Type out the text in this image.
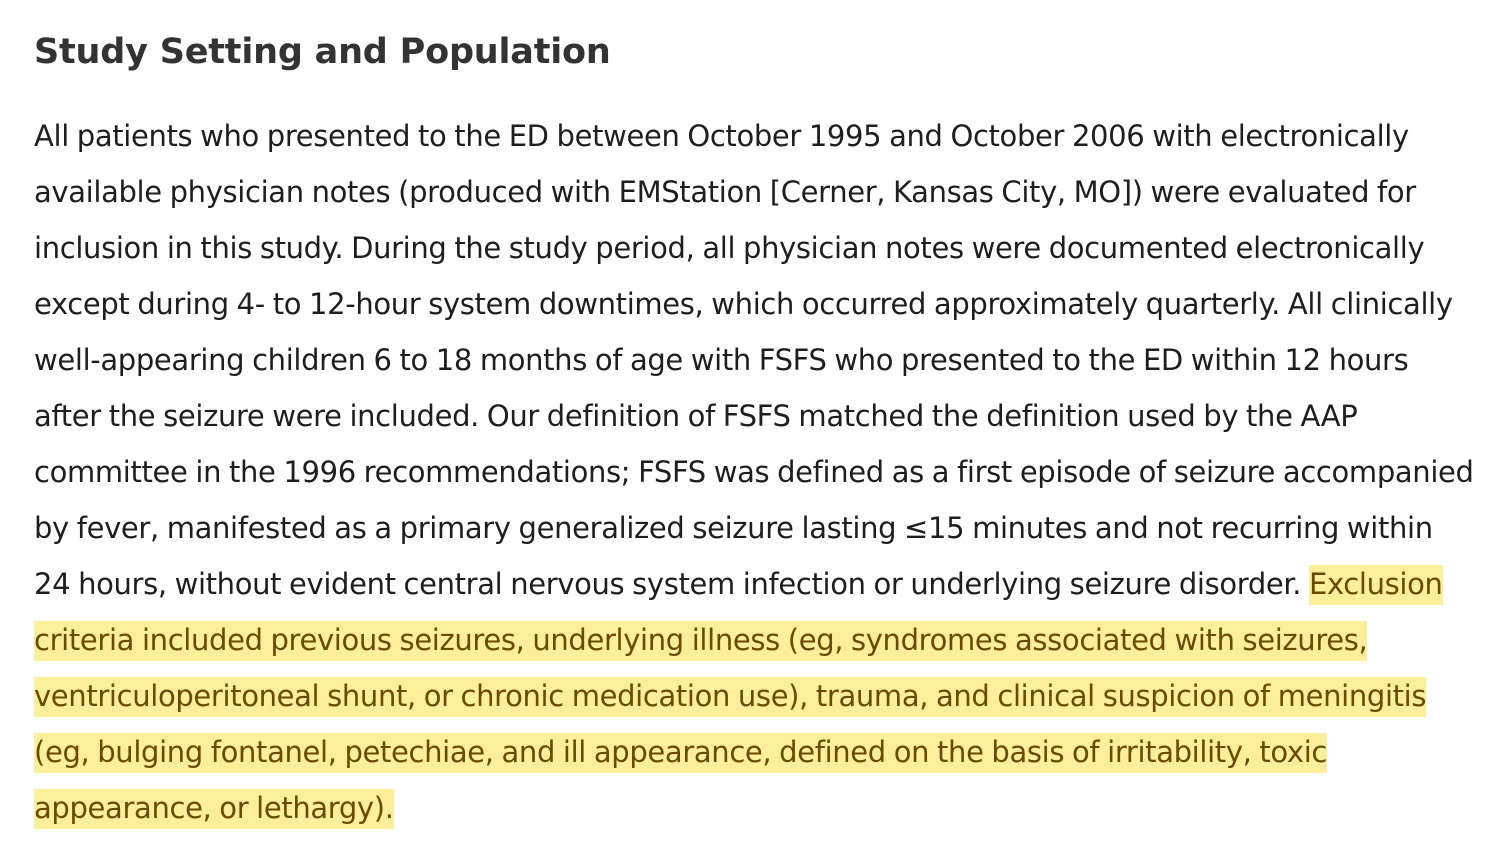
Study Setting and Population

All patients who presented to the ED between October 1995 and October 2006 with electronically available physician notes (produced with EMStation [Cerner, Kansas City, MO]) were evaluated for inclusion in this study. During the study period, all physician notes were documented electronically except during 4- to 12-hour system downtimes, which occurred approximately quarterly. All clinically well-appearing children 6 to 18 months of age with FSFS who presented to the ED within 12 hours after the seizure were included. Our definition of FSFS matched the definition used by the AAP committee in the 1996 recommendations; FSFS was defined as a first episode of seizure accompanied by fever, manifested as a primary generalized seizure lasting ≤15 minutes and not recurring within 24 hours, without evident central nervous system infection or underlying seizure disorder. Exclusion criteria included previous seizures, underlying illness (eg, syndromes associated with seizures, ventriculoperitoneal shunt, or chronic medication use), trauma, and clinical suspicion of meningitis (eg, bulging fontanel, petechiae, and ill appearance, defined on the basis of irritability, toxic appearance, or lethargy).
